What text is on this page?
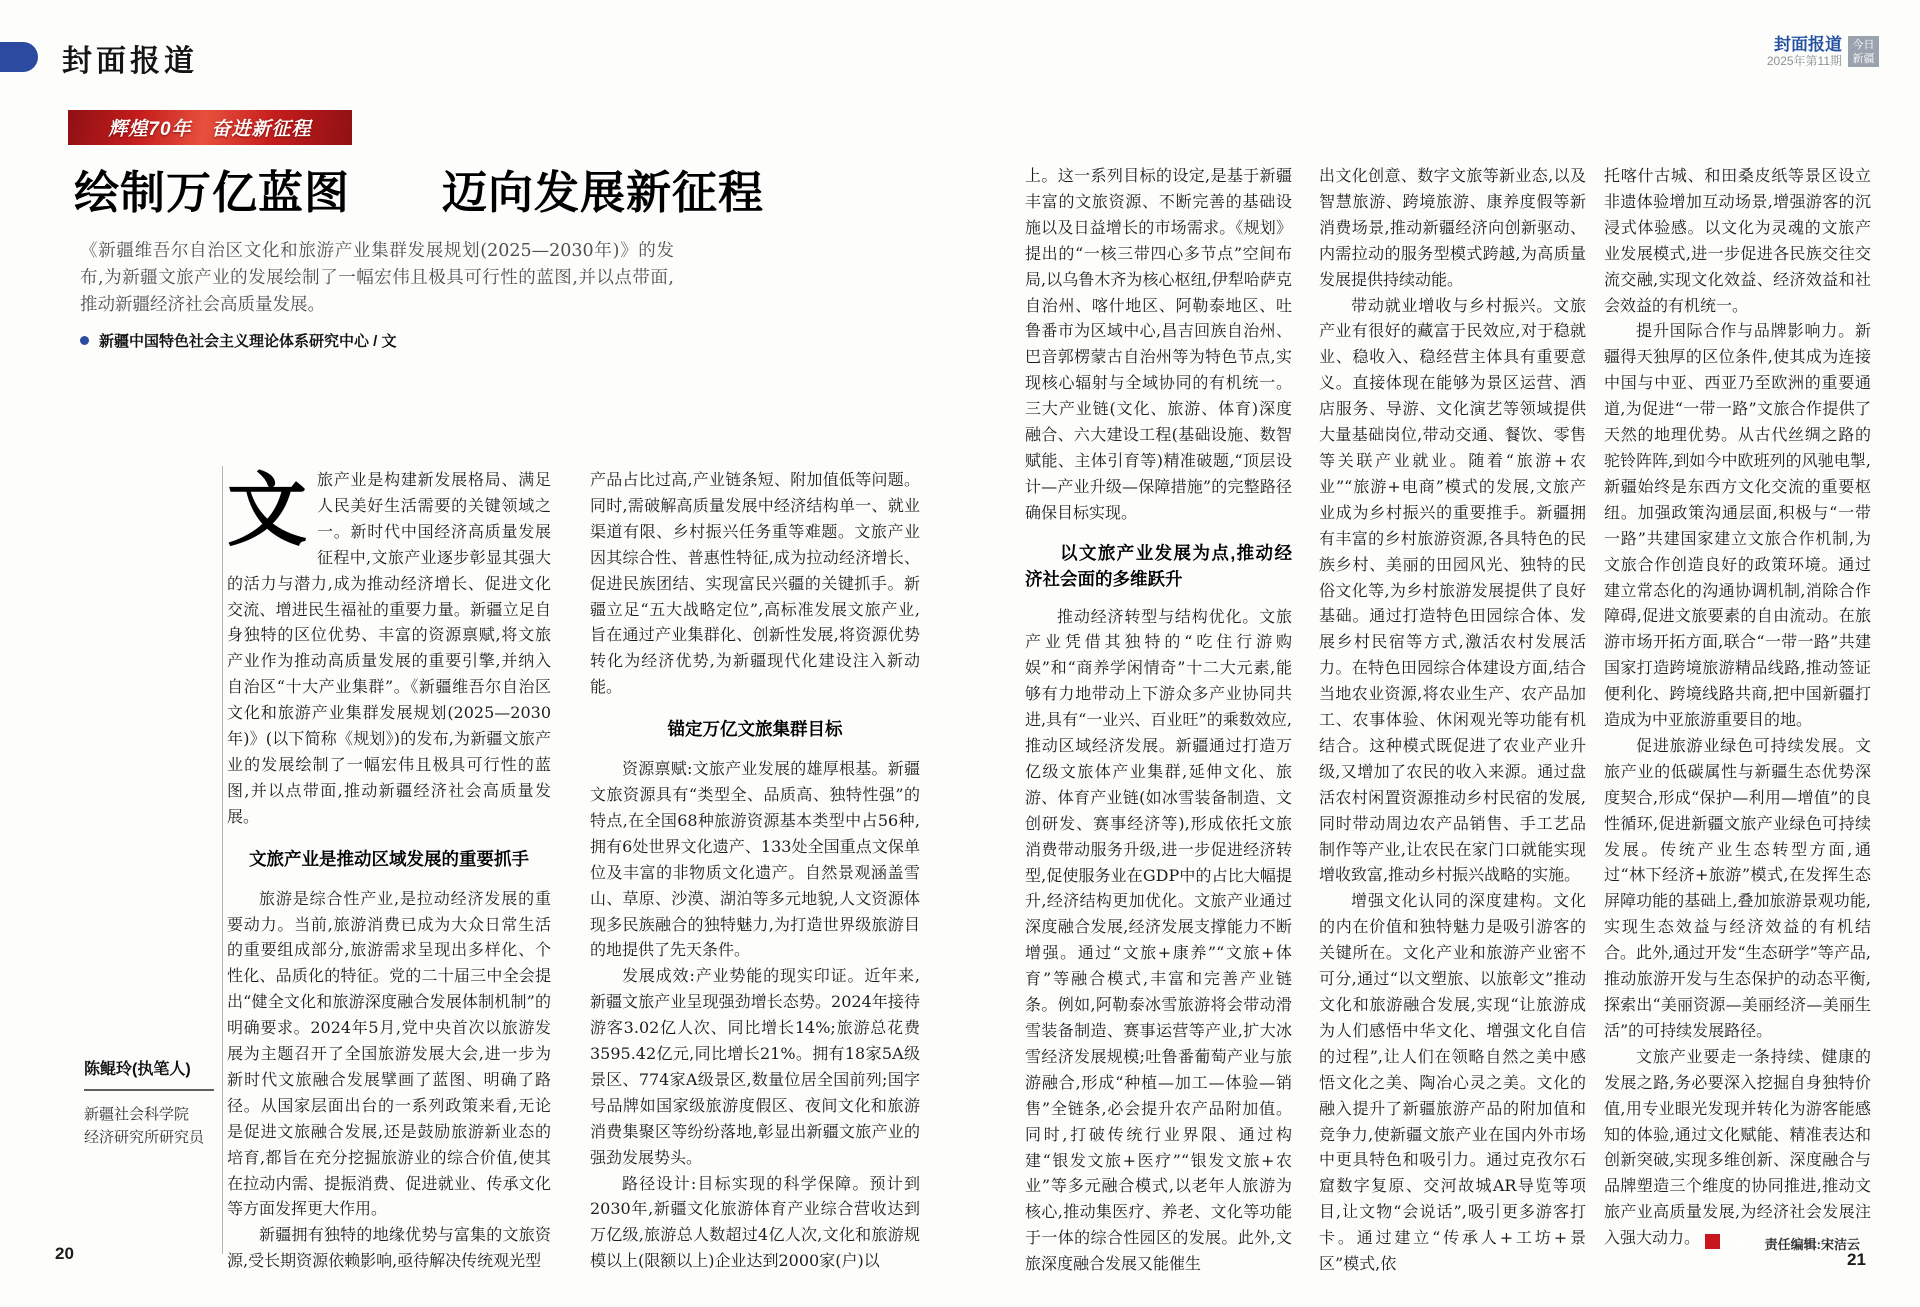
封面报道	封面报道
2025年第11期
今日
新疆
辉煌70年　奋进新征程
绘制万亿蓝图　　迈向发展新征程
《新疆维吾尔自治区文化和旅游产业集群发展规划(2025—2030年)》的发布,为新疆文旅产业的发展绘制了一幅宏伟且极具可行性的蓝图,并以点带面,推动新疆经济社会高质量发展。
新疆中国特色社会主义理论体系研究中心 / 文

文旅产业是构建新发展格局、满足人民美好生活需要的关键领域之一。新时代中国经济高质量发展征程中,文旅产业逐步彰显其强大的活力与潜力,成为推动经济增长、促进文化交流、增进民生福祉的重要力量。新疆立足自身独特的区位优势、丰富的资源禀赋,将文旅产业作为推动高质量发展的重要引擎,并纳入自治区“十大产业集群”。《新疆维吾尔自治区文化和旅游产业集群发展规划(2025—2030年)》(以下简称《规划》)的发布,为新疆文旅产业的发展绘制了一幅宏伟且极具可行性的蓝图,并以点带面,推动新疆经济社会高质量发展。

文旅产业是推动区域发展的重要抓手

旅游是综合性产业,是拉动经济发展的重要动力。当前,旅游消费已成为大众日常生活的重要组成部分,旅游需求呈现出多样化、个性化、品质化的特征。党的二十届三中全会提出“健全文化和旅游深度融合发展体制机制”的明确要求。2024年5月,党中央首次以旅游发展为主题召开了全国旅游发展大会,进一步为新时代文旅融合发展擘画了蓝图、明确了路径。从国家层面出台的一系列政策来看,无论是促进文旅融合发展,还是鼓励旅游新业态的培育,都旨在充分挖掘旅游业的综合价值,使其在拉动内需、提振消费、促进就业、传承文化等方面发挥更大作用。

新疆拥有独特的地缘优势与富集的文旅资源,受长期资源依赖影响,亟待解决传统观光型

产品占比过高,产业链条短、附加值低等问题。同时,需破解高质量发展中经济结构单一、就业渠道有限、乡村振兴任务重等难题。文旅产业因其综合性、普惠性特征,成为拉动经济增长、促进民族团结、实现富民兴疆的关键抓手。新疆立足“五大战略定位”,高标准发展文旅产业,旨在通过产业集群化、创新性发展,将资源优势转化为经济优势,为新疆现代化建设注入新动能。

锚定万亿文旅集群目标

资源禀赋:文旅产业发展的雄厚根基。新疆文旅资源具有“类型全、品质高、独特性强”的特点,在全国68种旅游资源基本类型中占56种,拥有6处世界文化遗产、133处全国重点文保单位及丰富的非物质文化遗产。自然景观涵盖雪山、草原、沙漠、湖泊等多元地貌,人文资源体现多民族融合的独特魅力,为打造世界级旅游目的地提供了先天条件。

发展成效:产业势能的现实印证。近年来,新疆文旅产业呈现强劲增长态势。2024年接待游客3.02亿人次、同比增长14%;旅游总花费3595.42亿元,同比增长21%。拥有18家5A级景区、774家A级景区,数量位居全国前列;国字号品牌如国家级旅游度假区、夜间文化和旅游消费集聚区等纷纷落地,彰显出新疆文旅产业的强劲发展势头。

路径设计:目标实现的科学保障。预计到2030年,新疆文化旅游体育产业综合营收达到万亿级,旅游总人数超过4亿人次,文化和旅游规模以上(限额以上)企业达到2000家(户)以

上。这一系列目标的设定,是基于新疆丰富的文旅资源、不断完善的基础设施以及日益增长的市场需求。《规划》提出的“一核三带四心多节点”空间布局,以乌鲁木齐为核心枢纽,伊犁哈萨克自治州、喀什地区、阿勒泰地区、吐鲁番市为区域中心,昌吉回族自治州、巴音郭楞蒙古自治州等为特色节点,实现核心辐射与全域协同的有机统一。三大产业链(文化、旅游、体育)深度融合、六大建设工程(基础设施、数智赋能、主体引育等)精准破题,“顶层设计—产业升级—保障措施”的完整路径确保目标实现。

以文旅产业发展为点,推动经济社会面的多维跃升

推动经济转型与结构优化。文旅产业凭借其独特的“吃住行游购娱”和“商养学闲情奇”十二大元素,能够有力地带动上下游众多产业协同共进,具有“一业兴、百业旺”的乘数效应,推动区域经济发展。新疆通过打造万亿级文旅体产业集群,延伸文化、旅游、体育产业链(如冰雪装备制造、文创研发、赛事经济等),形成依托文旅消费带动服务升级,进一步促进经济转型,促使服务业在GDP中的占比大幅提升,经济结构更加优化。文旅产业通过深度融合发展,经济发展支撑能力不断增强。通过“文旅+康养”“文旅+体育”等融合模式,丰富和完善产业链条。例如,阿勒泰冰雪旅游将会带动滑雪装备制造、赛事运营等产业,扩大冰雪经济发展规模;吐鲁番葡萄产业与旅游融合,形成“种植—加工—体验—销售”全链条,必会提升农产品附加值。同时,打破传统行业界限、通过构建“银发文旅+医疗”“银发文旅+农业”等多元融合模式,以老年人旅游为核心,推动集医疗、养老、文化等功能于一体的综合性园区的发展。此外,文旅深度融合发展又能催生

出文化创意、数字文旅等新业态,以及智慧旅游、跨境旅游、康养度假等新消费场景,推动新疆经济向创新驱动、内需拉动的服务型模式跨越,为高质量发展提供持续动能。

带动就业增收与乡村振兴。文旅产业有很好的藏富于民效应,对于稳就业、稳收入、稳经营主体具有重要意义。直接体现在能够为景区运营、酒店服务、导游、文化演艺等领域提供大量基础岗位,带动交通、餐饮、零售等关联产业就业。随着“旅游+农业”“旅游+电商”模式的发展,文旅产业成为乡村振兴的重要推手。新疆拥有丰富的乡村旅游资源,各具特色的民族乡村、美丽的田园风光、独特的民俗文化等,为乡村旅游发展提供了良好基础。通过打造特色田园综合体、发展乡村民宿等方式,激活农村发展活力。在特色田园综合体建设方面,结合当地农业资源,将农业生产、农产品加工、农事体验、休闲观光等功能有机结合。这种模式既促进了农业产业升级,又增加了农民的收入来源。通过盘活农村闲置资源推动乡村民宿的发展,同时带动周边农产品销售、手工艺品制作等产业,让农民在家门口就能实现增收致富,推动乡村振兴战略的实施。

增强文化认同的深度建构。文化的内在价值和独特魅力是吸引游客的关键所在。文化产业和旅游产业密不可分,通过“以文塑旅、以旅彰文”推动文化和旅游融合发展,实现“让旅游成为人们感悟中华文化、增强文化自信的过程”,让人们在领略自然之美中感悟文化之美、陶冶心灵之美。文化的融入提升了新疆旅游产品的附加值和竞争力,使新疆文旅产业在国内外市场中更具特色和吸引力。通过克孜尔石窟数字复原、交河故城AR导览等项目,让文物“会说话”,吸引更多游客打卡。通过建立“传承人+工坊+景区”模式,依

托喀什古城、和田桑皮纸等景区设立非遗体验增加互动场景,增强游客的沉浸式体验感。以文化为灵魂的文旅产业发展模式,进一步促进各民族交往交流交融,实现文化效益、经济效益和社会效益的有机统一。

提升国际合作与品牌影响力。新疆得天独厚的区位条件,使其成为连接中国与中亚、西亚乃至欧洲的重要通道,为促进“一带一路”文旅合作提供了天然的地理优势。从古代丝绸之路的驼铃阵阵,到如今中欧班列的风驰电掣,新疆始终是东西方文化交流的重要枢纽。加强政策沟通层面,积极与“一带一路”共建国家建立文旅合作机制,为文旅合作创造良好的政策环境。通过建立常态化的沟通协调机制,消除合作障碍,促进文旅要素的自由流动。在旅游市场开拓方面,联合“一带一路”共建国家打造跨境旅游精品线路,推动签证便利化、跨境线路共商,把中国新疆打造成为中亚旅游重要目的地。

促进旅游业绿色可持续发展。文旅产业的低碳属性与新疆生态优势深度契合,形成“保护—利用—增值”的良性循环,促进新疆文旅产业绿色可持续发展。传统产业生态转型方面,通过“林下经济+旅游”模式,在发挥生态屏障功能的基础上,叠加旅游景观功能,实现生态效益与经济效益的有机结合。此外,通过开发“生态研学”等产品,推动旅游开发与生态保护的动态平衡,探索出“美丽资源—美丽经济—美丽生活”的可持续发展路径。

文旅产业要走一条持续、健康的发展之路,务必要深入挖掘自身独特价值,用专业眼光发现并转化为游客能感知的体验,通过文化赋能、精准表达和创新突破,实现多维创新、深度融合与品牌塑造三个维度的协同推进,推动文旅产业高质量发展,为经济社会发展注入强大动力。	J

陈鲲玲(执笔人)
新疆社会科学院
经济研究所研究员
20	责任编辑:宋洁云
21
